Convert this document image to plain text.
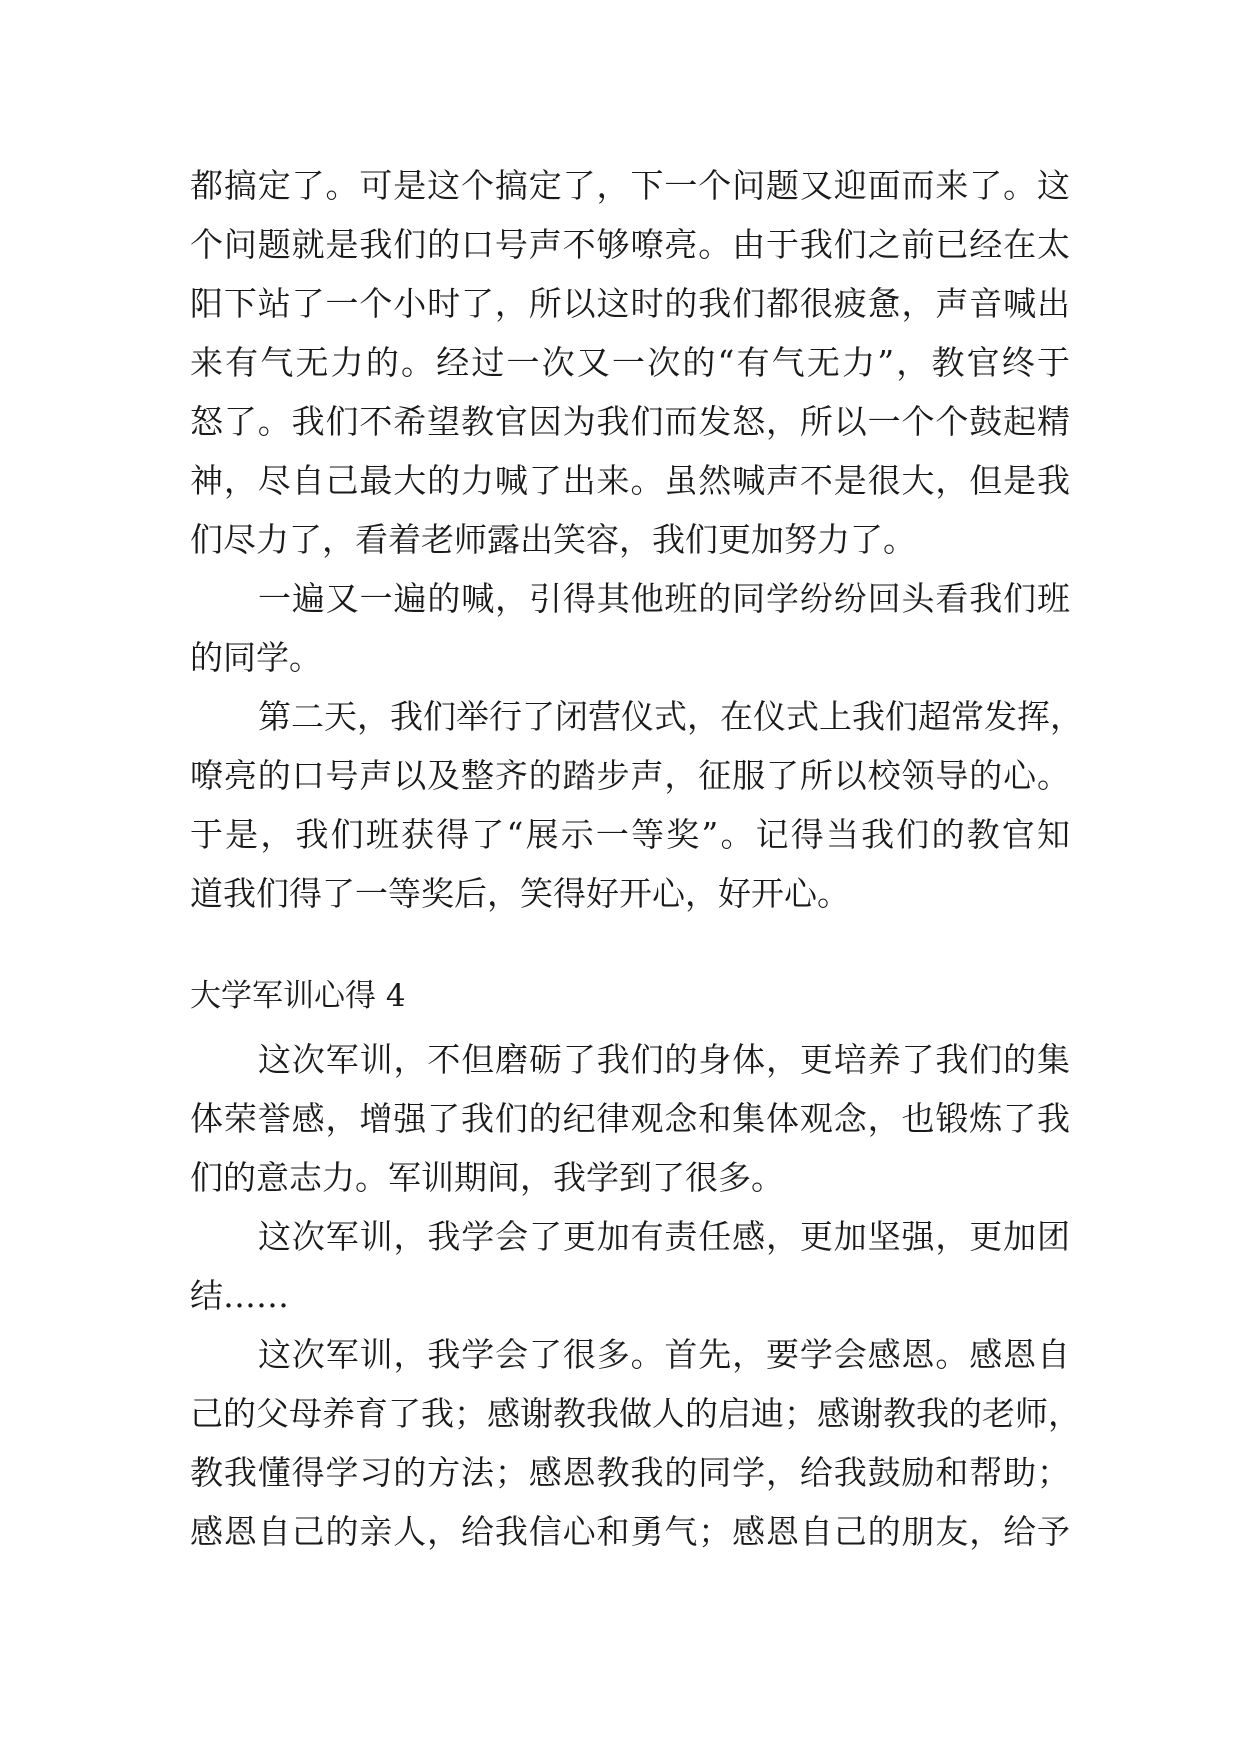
都搞定了。可是这个搞定了，下一个问题又迎面而来了。这
个问题就是我们的口号声不够嘹亮。由于我们之前已经在太
阳下站了一个小时了，所以这时的我们都很疲惫，声音喊出
来有气无力的。经过一次又一次的“有气无力”，教官终于
怒了。我们不希望教官因为我们而发怒，所以一个个鼓起精
神，尽自己最大的力喊了出来。虽然喊声不是很大，但是我
们尽力了，看着老师露出笑容，我们更加努力了。
一遍又一遍的喊，引得其他班的同学纷纷回头看我们班
的同学。
第二天，我们举行了闭营仪式，在仪式上我们超常发挥，
嘹亮的口号声以及整齐的踏步声，征服了所以校领导的心。
于是，我们班获得了“展示一等奖”。记得当我们的教官知
道我们得了一等奖后，笑得好开心，好开心。
大学军训心得 4
这次军训，不但磨砺了我们的身体，更培养了我们的集
体荣誉感，增强了我们的纪律观念和集体观念，也锻炼了我
们的意志力。军训期间，我学到了很多。
这次军训，我学会了更加有责任感，更加坚强，更加团
结……
这次军训，我学会了很多。首先，要学会感恩。感恩自
己的父母养育了我；感谢教我做人的启迪；感谢教我的老师，
教我懂得学习的方法；感恩教我的同学，给我鼓励和帮助；
感恩自己的亲人，给我信心和勇气；感恩自己的朋友，给予
